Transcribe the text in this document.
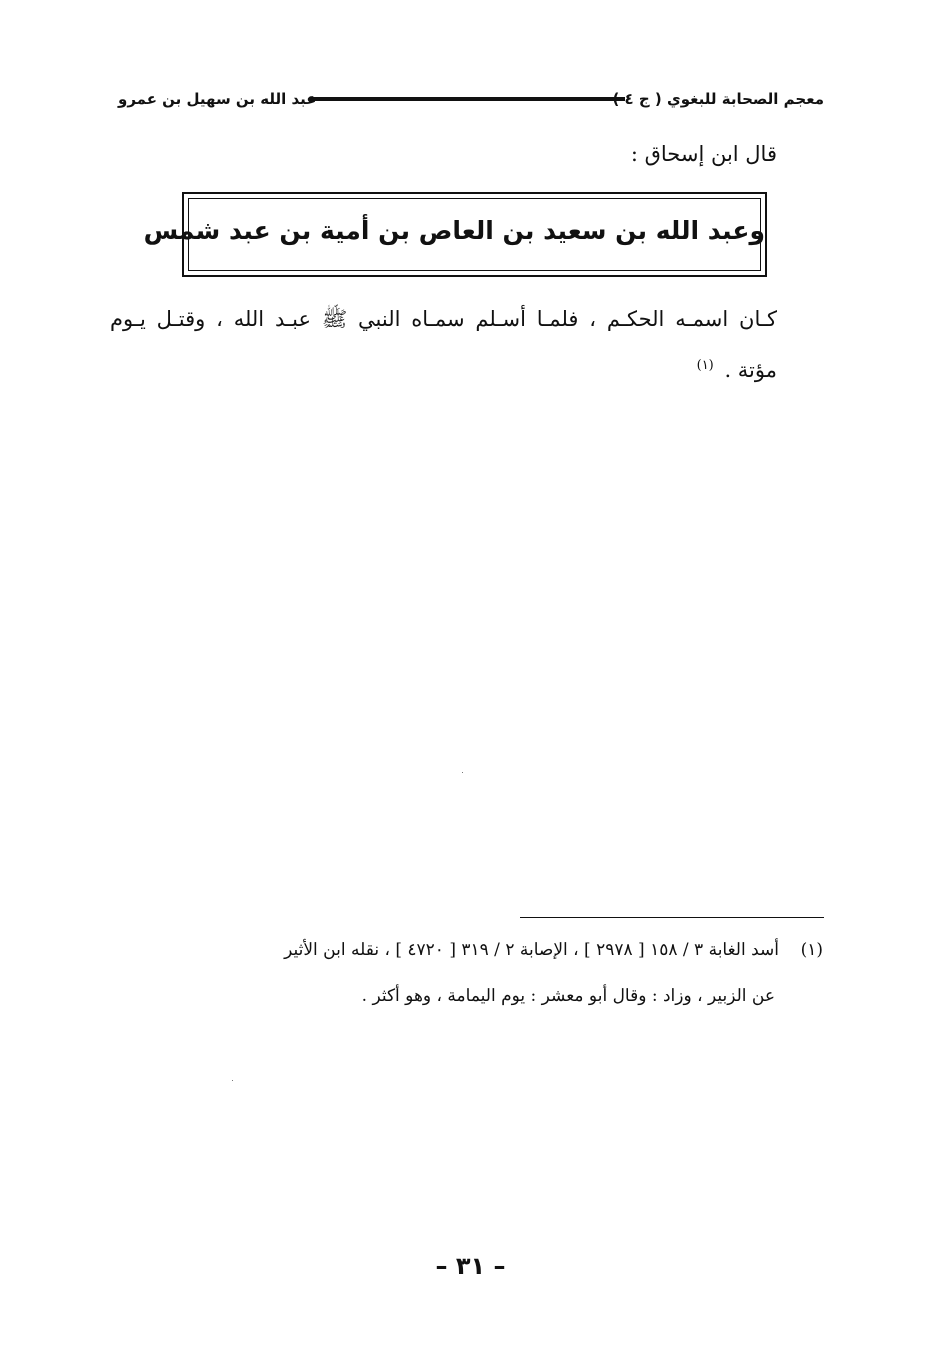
معجم الصحابة للبغوي ( ج ٤ )
عبد الله بن سهيل بن عمرو
قال ابن إسحاق :
وعبد الله بن سعيد بن العاص بن أمية بن عبد شمس
كـان اسمـه الحكـم ، فلمـا أسـلم سمـاه النبي ﷺ عبـد الله ، وقتـل يـوم
مؤتة . $^{(١)}$
(١)
أسد الغابة ٣ / ١٥٨ [ ٢٩٧٨ ] ، الإصابة ٢ / ٣١٩ [ ٤٧٢٠ ] ، نقله ابن الأثير
عن الزبير ، وزاد : وقال أبو معشر : يوم اليمامة ، وهو أكثر .
– ٣١ –
